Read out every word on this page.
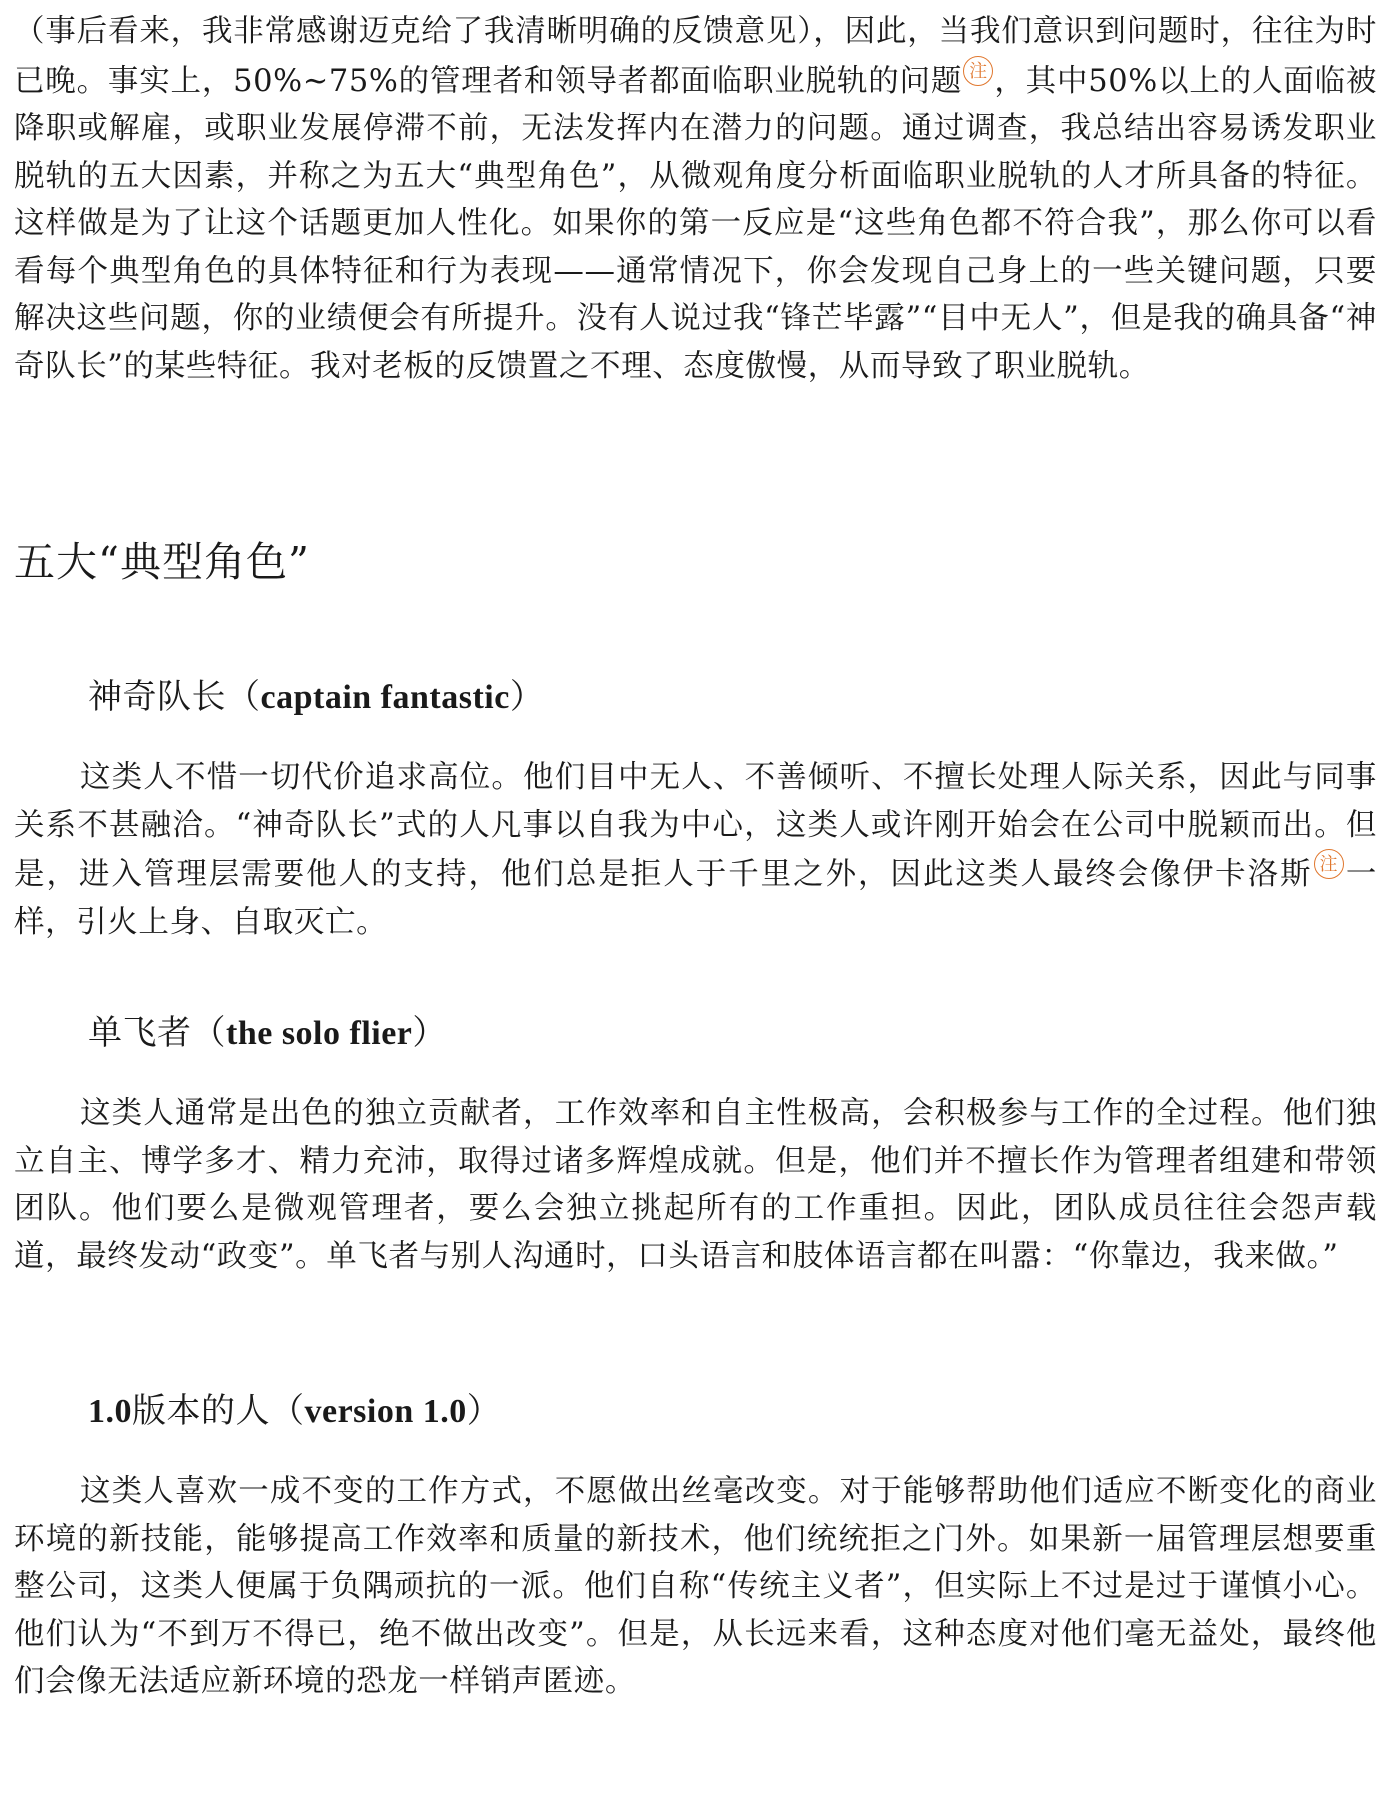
（事后看来，我非常感谢迈克给了我清晰明确的反馈意见），因此，当我们意识到问题时，往往为时已晚。事实上，50%~75%的管理者和领导者都面临职业脱轨的问题 注 ，其中50%以上的人面临被降职或解雇，或职业发展停滞不前，无法发挥内在潜力的问题。通过调查，我总结出容易诱发职业脱轨的五大因素，并称之为五大“典型角色”，从微观角度分析面临职业脱轨的人才所具备的特征。这样做是为了让这个话题更加人性化。如果你的第一反应是“这些角色都不符合我”，那么你可以看看每个典型角色的具体特征和行为表现——通常情况下，你会发现自己身上的一些关键问题，只要解决这些问题，你的业绩便会有所提升。没有人说过我“锋芒毕露”“目中无人”，但是我的确具备“神奇队长”的某些特征。我对老板的反馈置之不理、态度傲慢，从而导致了职业脱轨。

五大“典型角色”
神奇队长（captain fantastic）

这类人不惜一切代价追求高位。他们目中无人、不善倾听、不擅长处理人际关系，因此与同事关系不甚融洽。“神奇队长”式的人凡事以自我为中心，这类人或许刚开始会在公司中脱颖而出。但是，进入管理层需要他人的支持，他们总是拒人于千里之外，因此这类人最终会像伊卡洛斯 注 一样，引火上身、自取灭亡。

单飞者（the solo flier）

这类人通常是出色的独立贡献者，工作效率和自主性极高，会积极参与工作的全过程。他们独立自主、博学多才、精力充沛，取得过诸多辉煌成就。但是，他们并不擅长作为管理者组建和带领团队。他们要么是微观管理者，要么会独立挑起所有的工作重担。因此，团队成员往往会怨声载道，最终发动“政变”。单飞者与别人沟通时，口头语言和肢体语言都在叫嚣：“你靠边，我来做。”

1.0版本的人（version 1.0）

这类人喜欢一成不变的工作方式，不愿做出丝毫改变。对于能够帮助他们适应不断变化的商业环境的新技能，能够提高工作效率和质量的新技术，他们统统拒之门外。如果新一届管理层想要重整公司，这类人便属于负隅顽抗的一派。他们自称“传统主义者”，但实际上不过是过于谨慎小心。他们认为“不到万不得已，绝不做出改变”。但是，从长远来看，这种态度对他们毫无益处，最终他们会像无法适应新环境的恐龙一样销声匿迹。
